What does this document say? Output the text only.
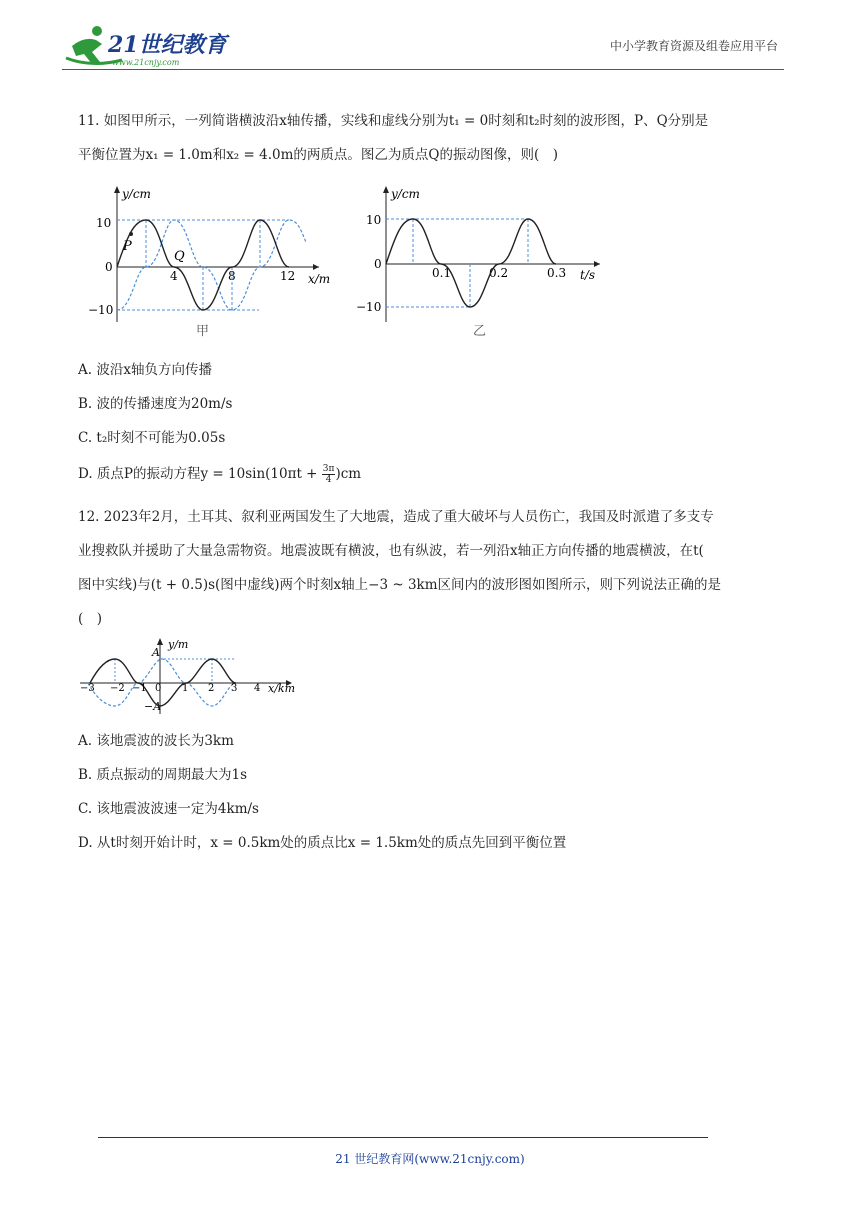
21世纪教育
www.21cnjy.com
中小学教育资源及组卷应用平台
11. 如图甲所示，一列简谐横波沿x轴传播，实线和虚线分别为t₁ = 0时刻和t₂时刻的波形图，P、Q分别是
平衡位置为x₁ = 1.0m和x₂ = 4.0m的两质点。图乙为质点Q的振动图像，则(　)
y/cm
x/m
10
0
−10
4	8	12
P
Q
甲
y/cm
t/s
10
0
−10
0.1	0.2	0.3
乙
A. 波沿x轴负方向传播
B. 波的传播速度为20m/s
C. t₂时刻不可能为0.05s
D. 质点P的振动方程$y = 10\sin(10\pi t + \frac{3\pi}{4} )cm$
12. 2023年2月，土耳其、叙利亚两国发生了大地震，造成了重大破坏与人员伤亡，我国及时派遣了多支专
业搜救队并援助了大量急需物资。地震波既有横波，也有纵波，若一列沿x轴正方向传播的地震横波，在t(
图中实线)与(t + 0.5)s(图中虚线)两个时刻x轴上−3 ~ 3km区间内的波形图如图所示，则下列说法正确的是
(　)
y/m
x/km
A
−A
−3 −2 −1 0 1 2 3 4
A. 该地震波的波长为3km
B. 质点振动的周期最大为1s
C. 该地震波波速一定为4km/s
D. 从t时刻开始计时，x = 0.5km处的质点比x = 1.5km处的质点先回到平衡位置
21 世纪教育网(www.21cnjy.com)
